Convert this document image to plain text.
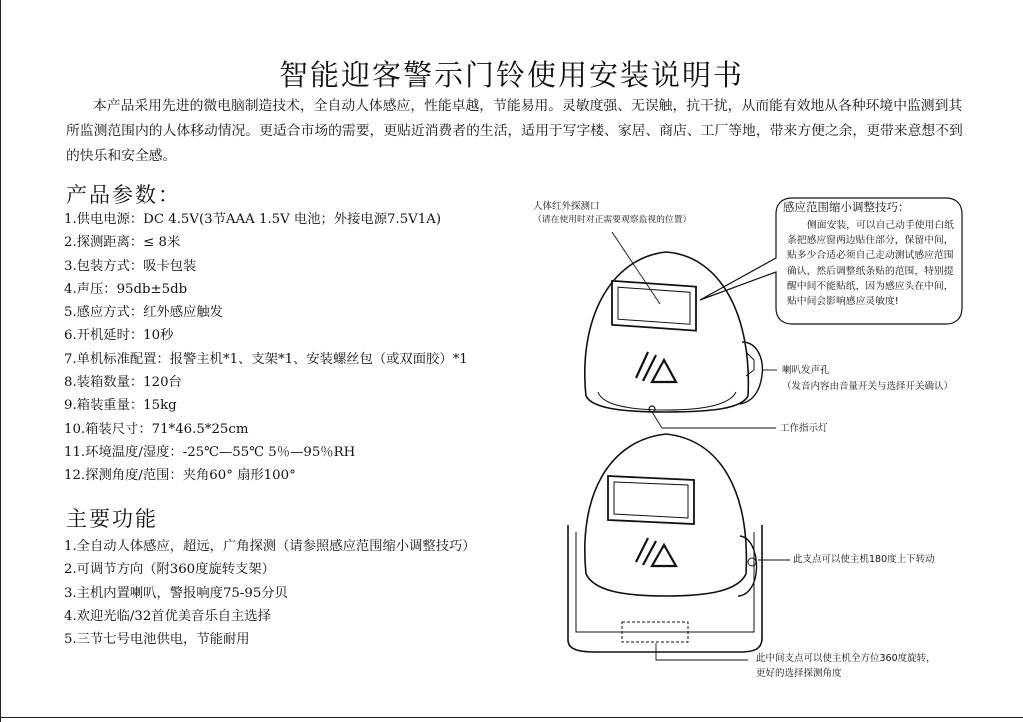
智能迎客警示门铃使用安装说明书

本产品采用先进的微电脑制造技术，全自动人体感应，性能卓越，节能易用。灵敏度强、无误触，抗干扰，从而能有效地从各种环境中监测到其所监测范围内的人体移动情况。更适合市场的需要，更贴近消费者的生活，适用于写字楼、家居、商店、工厂等地，带来方便之余，更带来意想不到的快乐和安全感。

产品参数：
1.供电电源：DC 4.5V(3节AAA 1.5V 电池；外接电源7.5V1A)
2.探测距离：≤ 8米
3.包装方式：吸卡包装
4.声压：95db±5db
5.感应方式：红外感应触发
6.开机延时：10秒
7.单机标准配置：报警主机*1、支架*1、安装螺丝包（或双面胶）*1
8.装箱数量：120台
9.箱装重量：15kg
10.箱装尺寸：71*46.5*25cm
11.环境温度/湿度：-25℃—55℃ 5％—95％RH
12.探测角度/范围：夹角60° 扇形100°
主要功能
1.全自动人体感应，超远，广角探测（请参照感应范围缩小调整技巧）
2.可调节方向（附360度旋转支架）
3.主机内置喇叭，警报响度75-95分贝
4.欢迎光临/32首优美音乐自主选择
5.三节七号电池供电，节能耐用
人体红外探测口
（请在使用时对正需要观察监视的位置）
感应范围缩小调整技巧：
侧面安装，可以自己动手使用白纸条把感应窗两边贴住部分，保留中间，贴多少合适必须自己走动测试感应范围确认，然后调整纸条贴的范围，特别提醒中间不能贴纸，因为感应头在中间，贴中间会影响感应灵敏度!
喇叭发声孔
（发音内容由音量开关与选择开关确认）
工作指示灯
此支点可以使主机180度上下转动
此中间支点可以使主机全方位360度旋转，
更好的选择探测角度
